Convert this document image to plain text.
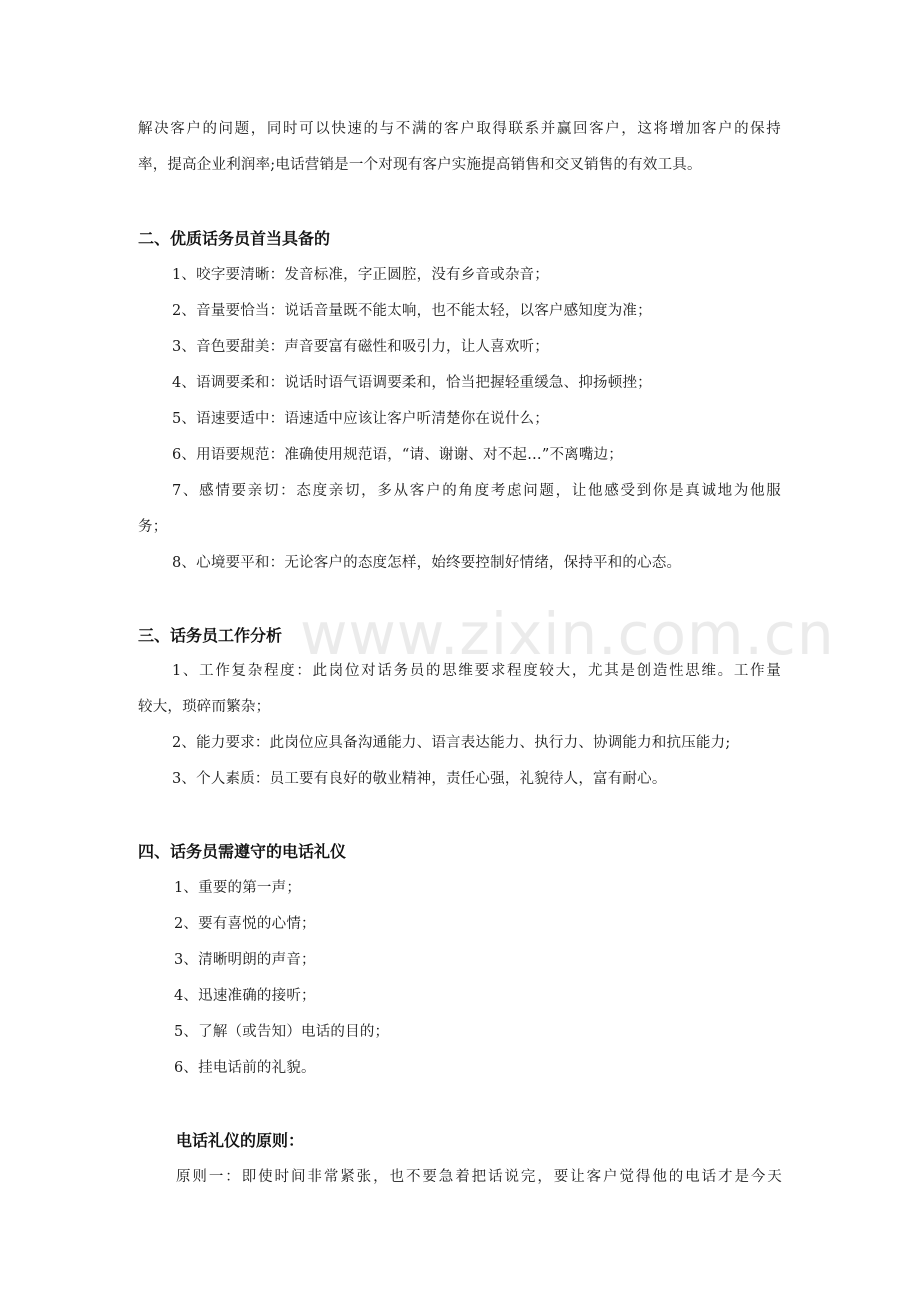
www.zixin.com.cn
解决客户的问题，同时可以快速的与不满的客户取得联系并赢回客户，这将增加客户的保持
率，提高企业利润率;电话营销是一个对现有客户实施提高销售和交叉销售的有效工具。
二、优质话务员首当具备的
1、咬字要清晰：发音标准，字正圆腔，没有乡音或杂音；
2、音量要恰当：说话音量既不能太响，也不能太轻，以客户感知度为准；
3、音色要甜美：声音要富有磁性和吸引力，让人喜欢听；
4、语调要柔和：说话时语气语调要柔和，恰当把握轻重缓急、抑扬顿挫；
5、语速要适中：语速适中应该让客户听清楚你在说什么；
6、用语要规范：准确使用规范语，“请、谢谢、对不起…”不离嘴边；
7、感情要亲切：态度亲切，多从客户的角度考虑问题，让他感受到你是真诚地为他服
务；
8、心境要平和：无论客户的态度怎样，始终要控制好情绪，保持平和的心态。
三、话务员工作分析
1、工作复杂程度：此岗位对话务员的思维要求程度较大，尤其是创造性思维。工作量
较大，琐碎而繁杂；
2、能力要求：此岗位应具备沟通能力、语言表达能力、执行力、协调能力和抗压能力;
3、个人素质：员工要有良好的敬业精神，责任心强，礼貌待人，富有耐心。
四、话务员需遵守的电话礼仪
1、重要的第一声；
2、要有喜悦的心情；
3、清晰明朗的声音；
4、迅速准确的接听；
5、了解（或告知）电话的目的；
6、挂电话前的礼貌。
电话礼仪的原则：
原则一：即使时间非常紧张，也不要急着把话说完，要让客户觉得他的电话才是今天
